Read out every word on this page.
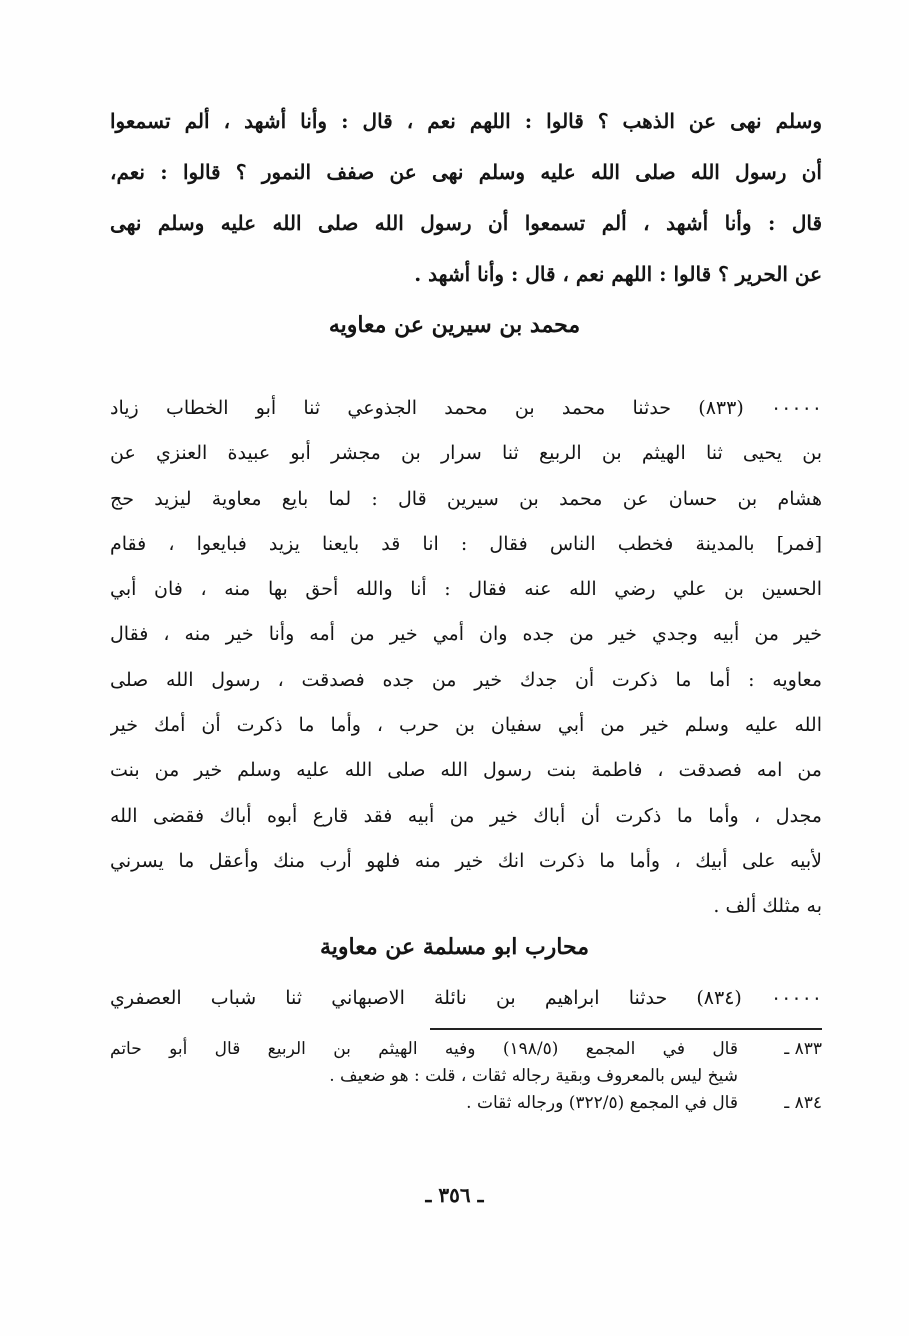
وسلم نهى عن الذهب ؟ قالوا : اللهم نعم ، قال : وأنا أشهد ، ألم تسمعوا
أن رسول الله صلى الله عليه وسلم نهى عن صفف النمور ؟ قالوا : نعم،
قال : وأنا أشهد ، ألم تسمعوا أن رسول الله صلى الله عليه وسلم نهى
عن الحرير ؟ قالوا : اللهم نعم ، قال : وأنا أشهد .
محمد بن سيرين عن معاويه
٠٠٠٠٠ (٨٣٣) حدثنا محمد بن محمد الجذوعي ثنا أبو الخطاب زياد
بن يحيى ثنا الهيثم بن الربيع ثنا سرار بن مجشر أبو عبيدة العنزي عن
هشام بن حسان عن محمد بن سيرين قال : لما بايع معاوية ليزيد حج
[فمر] بالمدينة فخطب الناس فقال : انا قد بايعنا يزيد فبايعوا ، فقام
الحسين بن علي رضي الله عنه فقال : أنا والله أحق بها منه ، فان أبي
خير من أبيه وجدي خير من جده وان أمي خير من أمه وأنا خير منه ، فقال
معاويه : أما ما ذكرت أن جدك خير من جده فصدقت ، رسول الله صلى
الله عليه وسلم خير من أبي سفيان بن حرب ، وأما ما ذكرت أن أمك خير
من امه فصدقت ، فاطمة بنت رسول الله صلى الله عليه وسلم خير من بنت
مجدل ، وأما ما ذكرت أن أباك خير من أبيه فقد قارع أبوه أباك فقضى الله
لأبيه على أبيك ، وأما ما ذكرت انك خير منه فلهو أرب منك وأعقل ما يسرني
به مثلك ألف .
محارب ابو مسلمة عن معاوية
٠٠٠٠٠ (٨٣٤) حدثنا ابراهيم بن نائلة الاصبهاني ثنا شباب العصفري
٨٣٣ ـ
قال في المجمع (١٩٨/٥) وفيه الهيثم بن الربيع قال أبو حاتم
شيخ ليس بالمعروف وبقية رجاله ثقات ، قلت : هو ضعيف .
٨٣٤ ـ
قال في المجمع (٣٢٢/٥) ورجاله ثقات .
ـ ٣٥٦ ـ
